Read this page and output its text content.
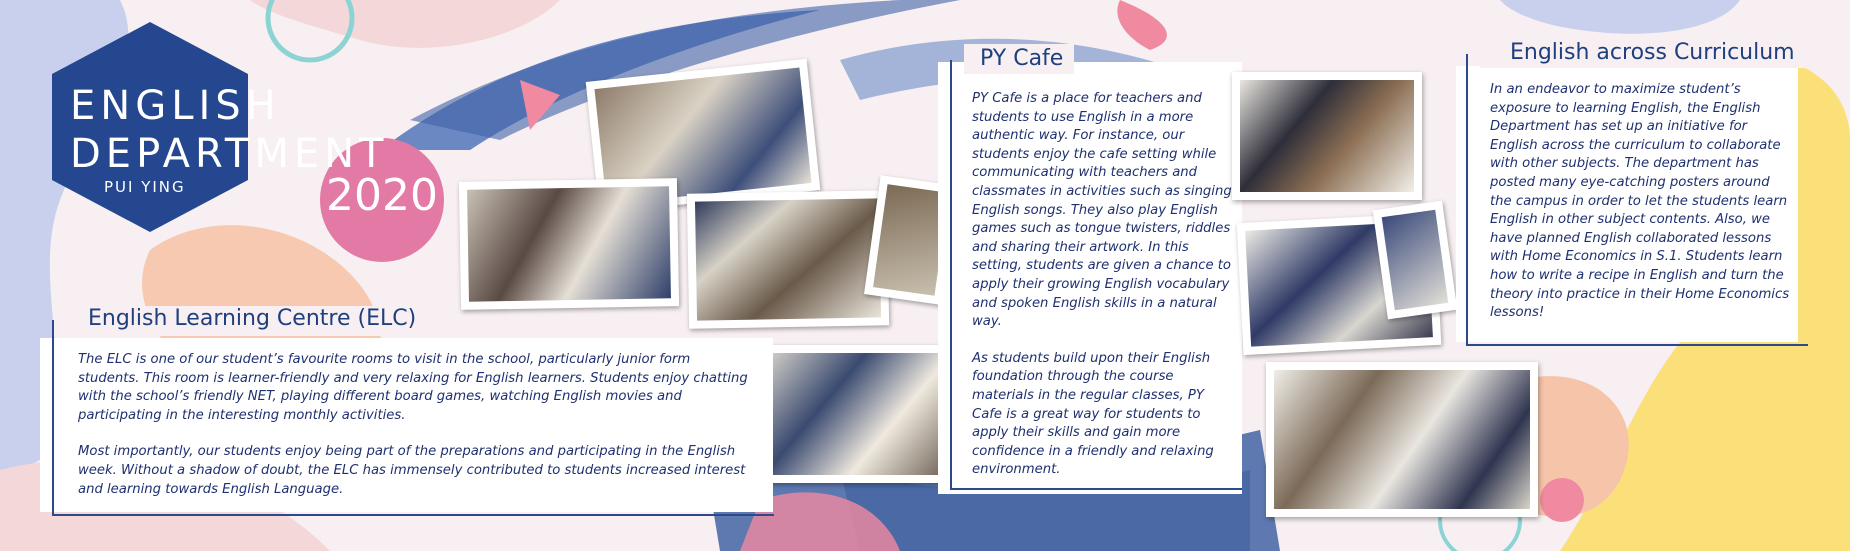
ENGLISH
DEPARTMENT
PUI YING	2020
English Learning Centre (ELC)

The ELC is one of our student’s favourite rooms to visit in the school, particularly junior form students. This room is learner-friendly and very relaxing for English learners. Students enjoy chatting with the school’s friendly NET, playing different board games, watching English movies and participating in the interesting monthly activities.

Most importantly, our students enjoy being part of the preparations and participating in the English week. Without a shadow of doubt, the ELC has immensely contributed to students increased interest and learning towards English Language.

PY Cafe

PY Cafe is a place for teachers and students to use English in a more authentic way. For instance, our students enjoy the cafe setting while communicating with teachers and classmates in activities such as singing English songs. They also play English games such as tongue twisters, riddles and sharing their artwork. In this setting, students are given a chance to apply their growing English vocabulary and spoken English skills in a natural way.

As students build upon their English foundation through the course materials in the regular classes, PY Cafe is a great way for students to apply their skills and gain more confidence in a friendly and relaxing environment.

English across Curriculum

In an endeavor to maximize student’s exposure to learning English, the English Department has set up an initiative for English across the curriculum to collaborate with other subjects. The department has posted many eye-catching posters around the campus in order to let the students learn English in other subject contents. Also, we have planned English collaborated lessons with Home Economics in S.1. Students learn how to write a recipe in English and turn the theory into practice in their Home Economics lessons!
